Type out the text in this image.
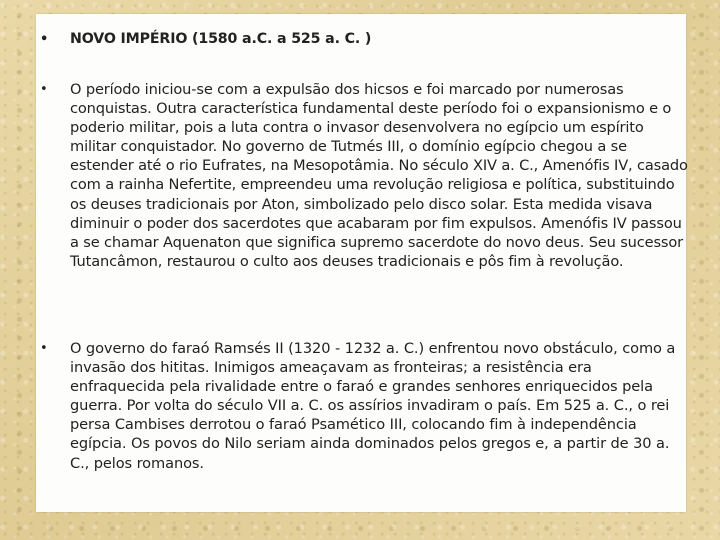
•	NOVO IMPÉRIO (1580 a.C. a 525 a. C. )
•	O período iniciou-se com a expulsão dos hicsos e foi marcado por numerosas conquistas. Outra característica fundamental deste período foi o expansionismo e o poderio militar, pois a luta contra o invasor desenvolvera no egípcio um espírito militar conquistador. No governo de Tutmés III, o domínio egípcio chegou a se estender até o rio Eufrates, na Mesopotâmia. No século XIV a. C., Amenófis IV, casado com a rainha Nefertite, empreendeu uma revolução religiosa e política, substituindo os deuses tradicionais por Aton, simbolizado pelo disco solar. Esta medida visava diminuir o poder dos sacerdotes que acabaram por fim expulsos. Amenófis IV passou a se chamar Aquenaton que significa supremo sacerdote do novo deus. Seu sucessor Tutancâmon, restaurou o culto aos deuses tradicionais e pôs fim à revolução.
•	O governo do faraó Ramsés II (1320 - 1232 a. C.) enfrentou novo obstáculo, como a invasão dos hititas. Inimigos ameaçavam as fronteiras; a resistência era enfraquecida pela rivalidade entre o faraó e grandes senhores enriquecidos pela guerra. Por volta do século VII a. C. os assírios invadiram o país. Em 525 a. C., o rei persa Cambises derrotou o faraó Psamético III, colocando fim à independência egípcia. Os povos do Nilo seriam ainda dominados pelos gregos e, a partir de 30 a. C., pelos romanos.
